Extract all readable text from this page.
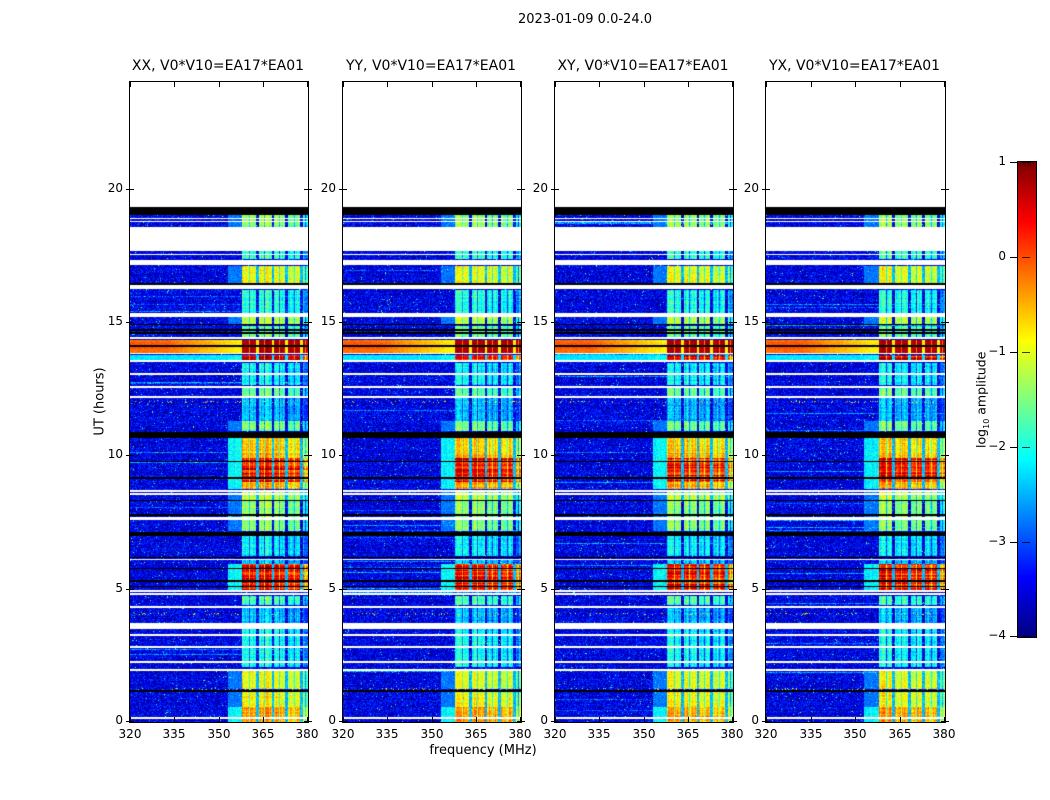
2023-01-09 0.0-24.0
UT (hours)
frequency (MHz)
XX, V0*V10=EA17*EA01
320	335	350	365	380
0
5
10
15
20
YY, V0*V10=EA17*EA01
320	335	350	365	380
0
5
10
15
20
XY, V0*V10=EA17*EA01
320	335	350	365	380
0
5
10
15
20
YX, V0*V10=EA17*EA01
320	335	350	365	380
0
5
10
15
20
$\log_{10}$ amplitude
1
0
−1
−2
−3
−4
